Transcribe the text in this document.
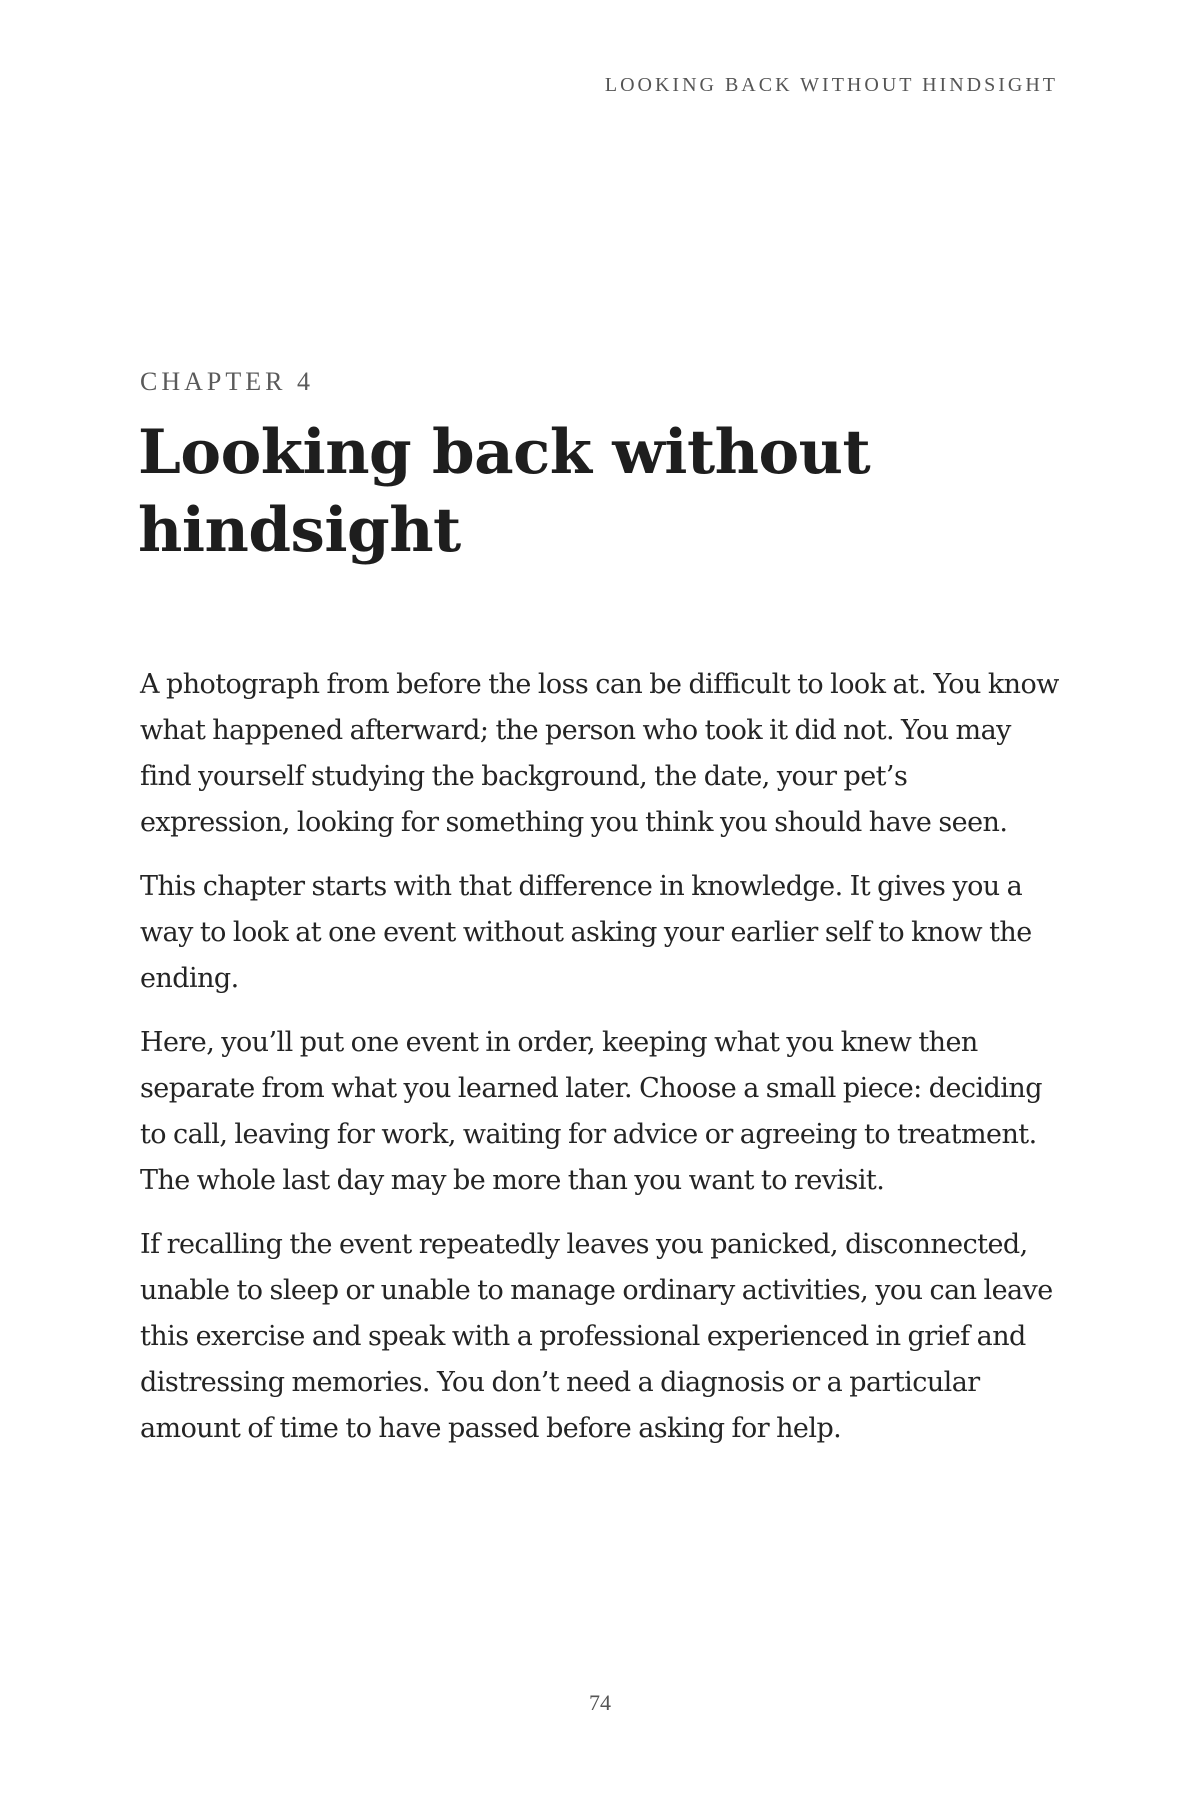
LOOKING BACK WITHOUT HINDSIGHT
CHAPTER 4
Looking back without
hindsight

A photograph from before the loss can be difficult to look at. You know what happened afterward; the person who took it did not. You may find yourself studying the background, the date, your pet’s expression, looking for something you think you should have seen.

This chapter starts with that difference in knowledge. It gives you a way to look at one event without asking your earlier self to know the ending.

Here, you’ll put one event in order, keeping what you knew then separate from what you learned later. Choose a small piece: deciding to call, leaving for work, waiting for advice or agreeing to treatment. The whole last day may be more than you want to revisit.

If recalling the event repeatedly leaves you panicked, disconnected, unable to sleep or unable to manage ordinary activities, you can leave this exercise and speak with a professional experienced in grief and distressing memories. You don’t need a diagnosis or a particular amount of time to have passed before asking for help.

74
